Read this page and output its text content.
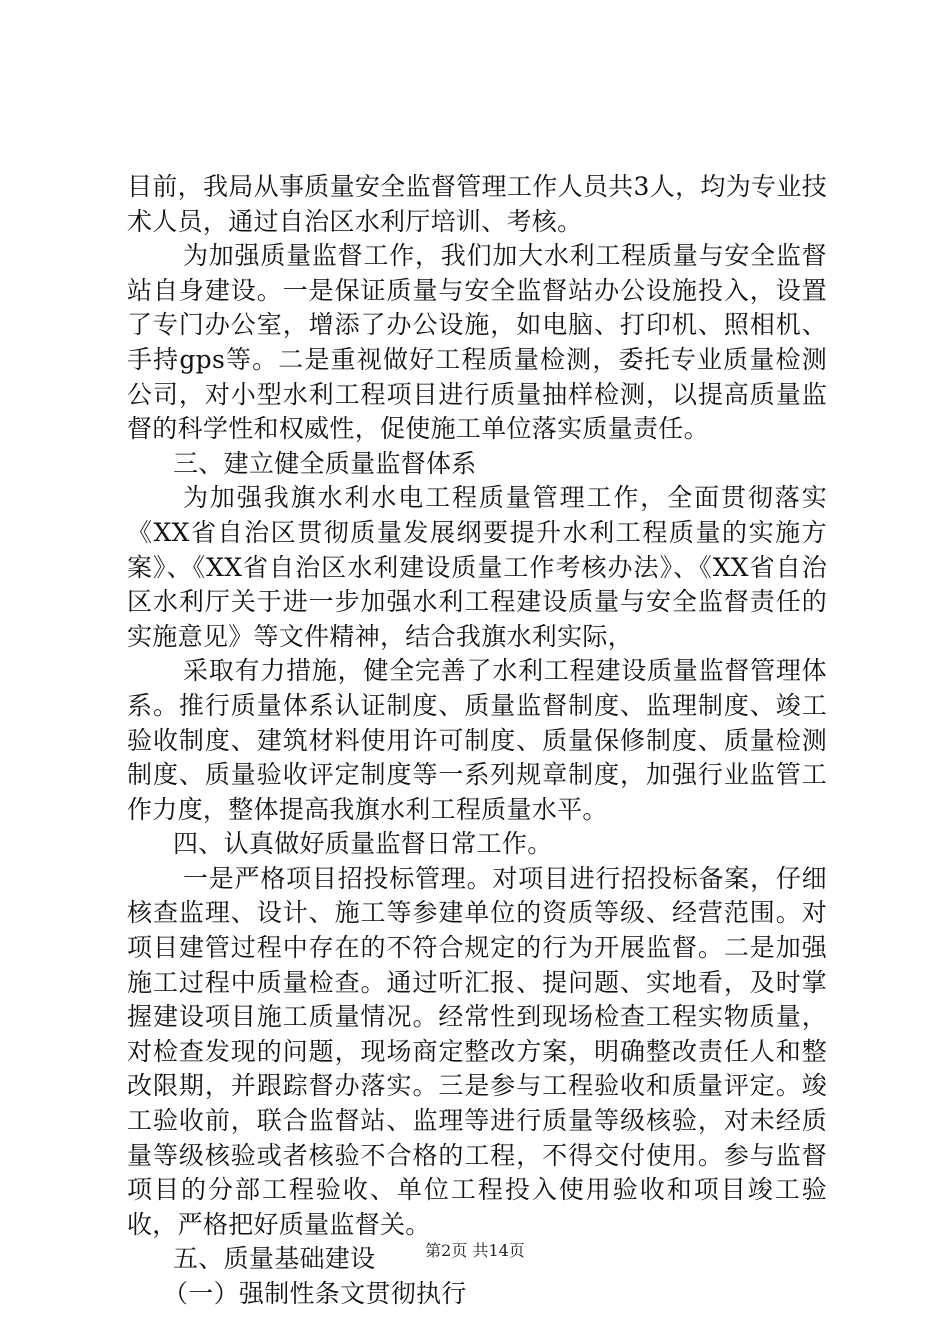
目前，我局从事质量安全监督管理工作人员共3人，均为专业技术人员，通过自治区水利厅培训、考核。

为加强质量监督工作，我们加大水利工程质量与安全监督站自身建设。一是保证质量与安全监督站办公设施投入，设置了专门办公室，增添了办公设施，如电脑、打印机、照相机、手持gps等。二是重视做好工程质量检测，委托专业质量检测公司，对小型水利工程项目进行质量抽样检测，以提高质量监督的科学性和权威性，促使施工单位落实质量责任。

三、建立健全质量监督体系

为加强我旗水利水电工程质量管理工作，全面贯彻落实《XX省自治区贯彻质量发展纲要提升水利工程质量的实施方案》、《XX省自治区水利建设质量工作考核办法》、《XX省自治区水利厅关于进一步加强水利工程建设质量与安全监督责任的实施意见》等文件精神，结合我旗水利实际，

采取有力措施，健全完善了水利工程建设质量监督管理体系。推行质量体系认证制度、质量监督制度、监理制度、竣工验收制度、建筑材料使用许可制度、质量保修制度、质量检测制度、质量验收评定制度等一系列规章制度，加强行业监管工作力度，整体提高我旗水利工程质量水平。

四、认真做好质量监督日常工作。

一是严格项目招投标管理。对项目进行招投标备案，仔细核查监理、设计、施工等参建单位的资质等级、经营范围。对项目建管过程中存在的不符合规定的行为开展监督。二是加强施工过程中质量检查。通过听汇报、提问题、实地看，及时掌握建设项目施工质量情况。经常性到现场检查工程实物质量，对检查发现的问题，现场商定整改方案，明确整改责任人和整改限期，并跟踪督办落实。三是参与工程验收和质量评定。竣工验收前，联合监督站、监理等进行质量等级核验，对未经质量等级核验或者核验不合格的工程，不得交付使用。参与监督项目的分部工程验收、单位工程投入使用验收和项目竣工验收，严格把好质量监督关。

五、质量基础建设

（一）强制性条文贯彻执行

第2页 共14页
